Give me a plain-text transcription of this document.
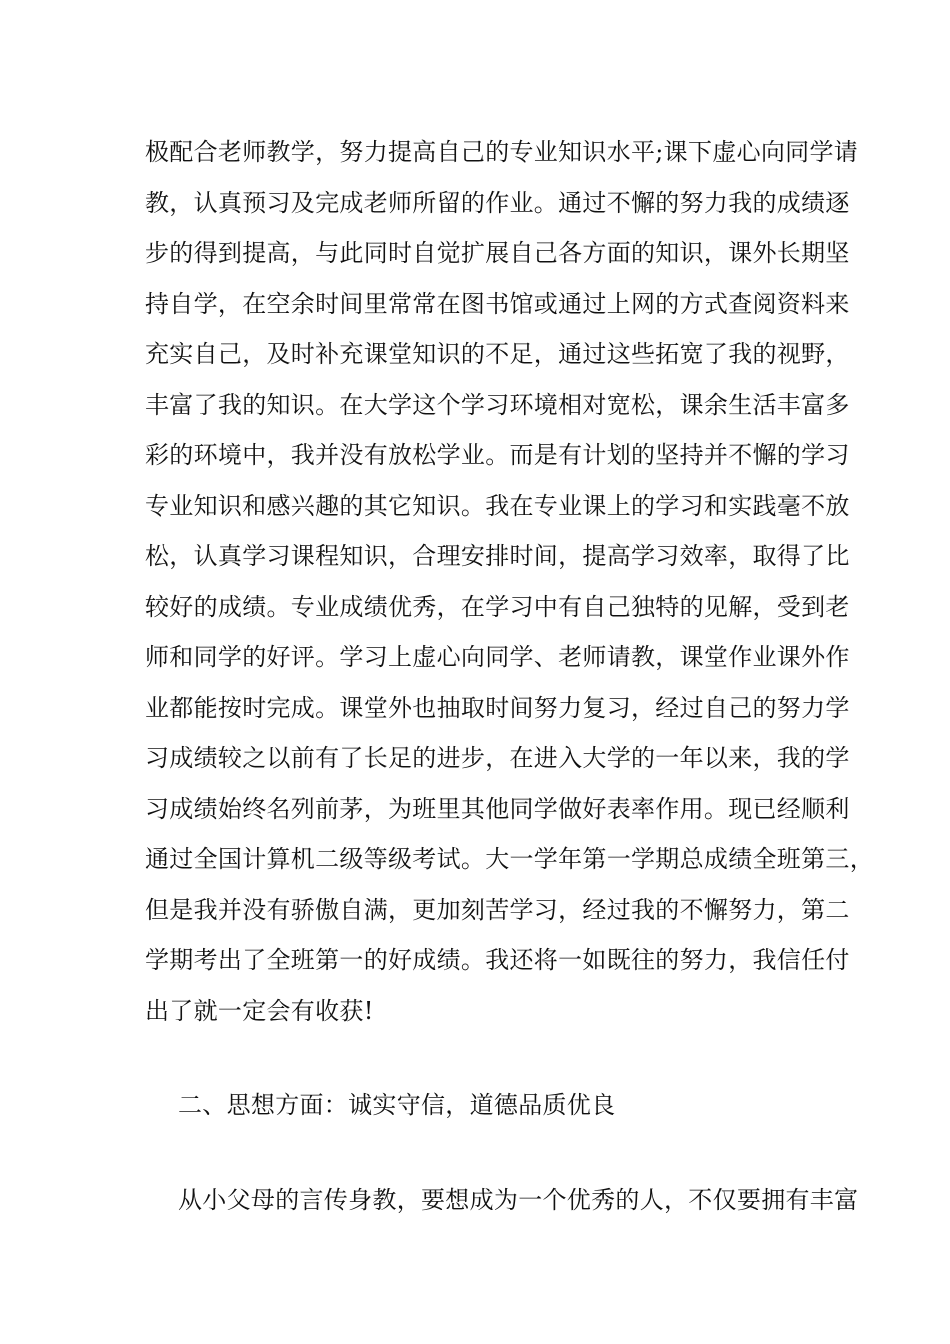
极配合老师教学，努力提高自己的专业知识水平;课下虚心向同学请
教，认真预习及完成老师所留的作业。通过不懈的努力我的成绩逐
步的得到提高，与此同时自觉扩展自己各方面的知识，课外长期坚
持自学，在空余时间里常常在图书馆或通过上网的方式查阅资料来
充实自己，及时补充课堂知识的不足，通过这些拓宽了我的视野，
丰富了我的知识。在大学这个学习环境相对宽松，课余生活丰富多
彩的环境中，我并没有放松学业。而是有计划的坚持并不懈的学习
专业知识和感兴趣的其它知识。我在专业课上的学习和实践毫不放
松，认真学习课程知识，合理安排时间，提高学习效率，取得了比
较好的成绩。专业成绩优秀，在学习中有自己独特的见解，受到老
师和同学的好评。学习上虚心向同学、老师请教，课堂作业课外作
业都能按时完成。课堂外也抽取时间努力复习，经过自己的努力学
习成绩较之以前有了长足的进步，在进入大学的一年以来，我的学
习成绩始终名列前茅，为班里其他同学做好表率作用。现已经顺利
通过全国计算机二级等级考试。大一学年第一学期总成绩全班第三，
但是我并没有骄傲自满，更加刻苦学习，经过我的不懈努力，第二
学期考出了全班第一的好成绩。我还将一如既往的努力，我信任付
出了就一定会有收获!
二、思想方面：诚实守信，道德品质优良
从小父母的言传身教，要想成为一个优秀的人，不仅要拥有丰富
